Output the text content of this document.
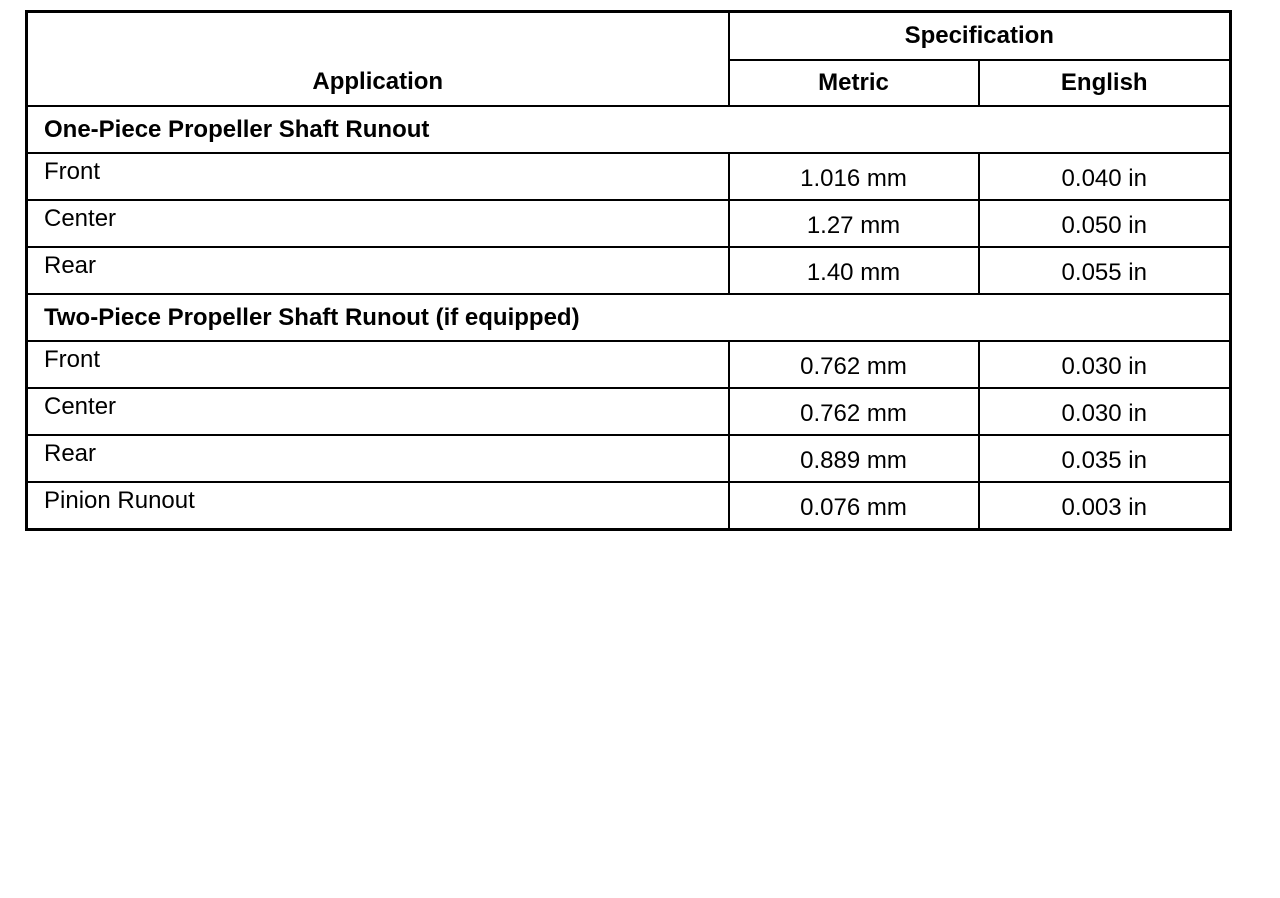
Application	Specification	
	Metric	English
One-Piece Propeller Shaft Runout		
Front	1.016 mm	0.040 in
Center	1.27 mm	0.050 in
Rear	1.40 mm	0.055 in
Two-Piece Propeller Shaft Runout (if equipped)		
Front	0.762 mm	0.030 in
Center	0.762 mm	0.030 in
Rear	0.889 mm	0.035 in
Pinion Runout	0.076 mm	0.003 in
